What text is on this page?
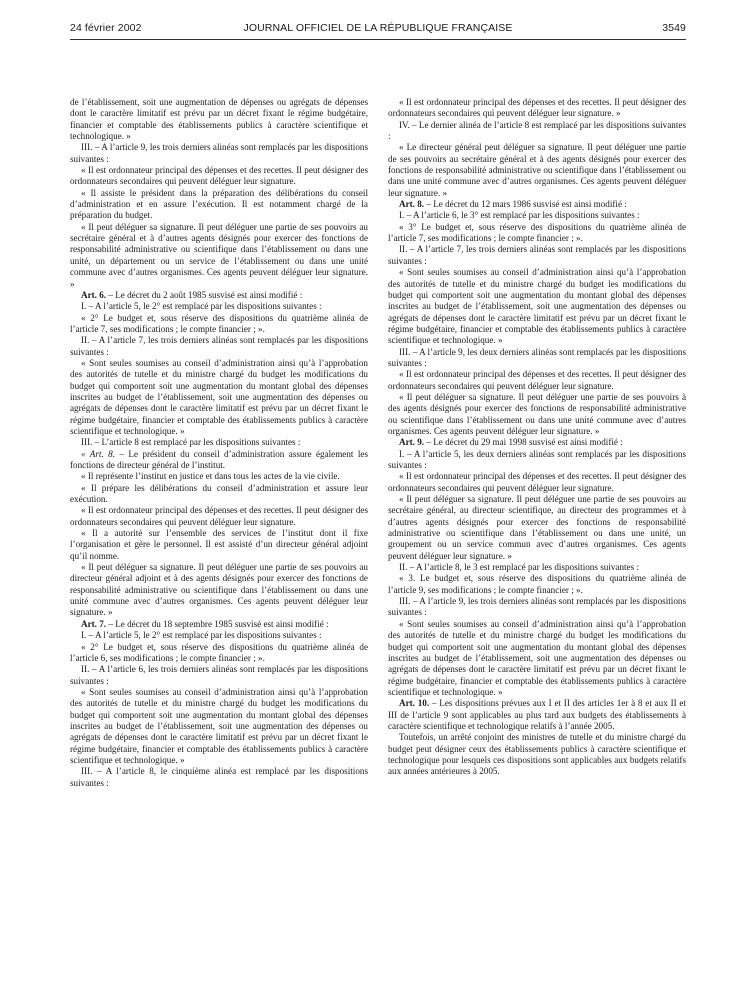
24 février 2002	JOURNAL OFFICIEL DE LA RÉPUBLIQUE FRANÇAISE	3549

de l’établissement, soit une augmentation de dépenses ou agrégats de dépenses dont le caractère limitatif est prévu par un décret fixant le régime budgétaire, financier et comptable des établissements publics à caractère scientifique et technologique. »

III. – A l’article 9, les trois derniers alinéas sont remplacés par les dispositions suivantes :

« Il est ordonnateur principal des dépenses et des recettes. Il peut désigner des ordonnateurs secondaires qui peuvent déléguer leur signature.

« Il assiste le président dans la préparation des délibérations du conseil d’administration et en assure l’exécution. Il est notamment chargé de la préparation du budget.

« Il peut déléguer sa signature. Il peut déléguer une partie de ses pouvoirs au secrétaire général et à d’autres agents désignés pour exercer des fonctions de responsabilité administrative ou scientifique dans l’établissement ou dans une unité, un département ou un service de l’établissement ou dans une unité commune avec d’autres organismes. Ces agents peuvent déléguer leur signature. »

Art. 6. – Le décret du 2 août 1985 susvisé est ainsi modifié :

I. – A l’article 5, le 2° est remplacé par les dispositions suivantes :

« 2° Le budget et, sous réserve des dispositions du quatrième alinéa de l’article 7, ses modifications ; le compte financier ; ».

II. – A l’article 7, les trois derniers alinéas sont remplacés par les dispositions suivantes :

« Sont seules soumises au conseil d’administration ainsi qu’à l’approbation des autorités de tutelle et du ministre chargé du budget les modifications du budget qui comportent soit une augmentation du montant global des dépenses inscrites au budget de l’établissement, soit une augmentation des dépenses ou agrégats de dépenses dont le caractère limitatif est prévu par un décret fixant le régime budgétaire, financier et comptable des établissements publics à caractère scientifique et technologique. »

III. – L’article 8 est remplacé par les dispositions suivantes :

« Art. 8. – Le président du conseil d’administration assure également les fonctions de directeur général de l’institut.

« Il représente l’institut en justice et dans tous les actes de la vie civile.

« Il prépare les délibérations du conseil d’administration et assure leur exécution.

« Il est ordonnateur principal des dépenses et des recettes. Il peut désigner des ordonnateurs secondaires qui peuvent déléguer leur signature.

« Il a autorité sur l’ensemble des services de l’institut dont il fixe l’organisation et gère le personnel. Il est assisté d’un directeur général adjoint qu’il nomme.

« Il peut déléguer sa signature. Il peut déléguer une partie de ses pouvoirs au directeur général adjoint et à des agents désignés pour exercer des fonctions de responsabilité administrative ou scientifique dans l’établissement ou dans une unité commune avec d’autres organismes. Ces agents peuvent déléguer leur signature. »

Art. 7. – Le décret du 18 septembre 1985 susvisé est ainsi modifié :

I. – A l’article 5, le 2° est remplacé par les dispositions suivantes :

« 2° Le budget et, sous réserve des dispositions du quatrième alinéa de l’article 6, ses modifications ; le compte financier ; ».

II. – A l’article 6, les trois derniers alinéas sont remplacés par les dispositions suivantes :

« Sont seules soumises au conseil d’administration ainsi qu’à l’approbation des autorités de tutelle et du ministre chargé du budget les modifications du budget qui comportent soit une augmentation du montant global des dépenses inscrites au budget de l’établissement, soit une augmentation des dépenses ou agrégats de dépenses dont le caractère limitatif est prévu par un décret fixant le régime budgétaire, financier et comptable des établissements publics à caractère scientifique et technologique. »

III. – A l’article 8, le cinquième alinéa est remplacé par les dispositions suivantes :

« Il est ordonnateur principal des dépenses et des recettes. Il peut désigner des ordonnateurs secondaires qui peuvent déléguer leur signature. »

IV. – Le dernier alinéa de l’article 8 est remplacé par les dispositions suivantes :

« Le directeur général peut déléguer sa signature. Il peut déléguer une partie de ses pouvoirs au secrétaire général et à des agents désignés pour exercer des fonctions de responsabilité administrative ou scientifique dans l’établissement ou dans une unité commune avec d’autres organismes. Ces agents peuvent déléguer leur signature. »

Art. 8. – Le décret du 12 mars 1986 susvisé est ainsi modifié :

I. – A l’article 6, le 3° est remplacé par les dispositions suivantes :

« 3° Le budget et, sous réserve des dispositions du quatrième alinéa de l’article 7, ses modifications ; le compte financier ; ».

II. – A l’article 7, les trois derniers alinéas sont remplacés par les dispositions suivantes :

« Sont seules soumises au conseil d’administration ainsi qu’à l’approbation des autorités de tutelle et du ministre chargé du budget les modifications du budget qui comportent soit une augmentation du montant global des dépenses inscrites au budget de l’établissement, soit une augmentation des dépenses ou agrégats de dépenses dont le caractère limitatif est prévu par un décret fixant le régime budgétaire, financier et comptable des établissements publics à caractère scientifique et technologique. »

III. – A l’article 9, les deux derniers alinéas sont remplacés par les dispositions suivantes :

« Il est ordonnateur principal des dépenses et des recettes. Il peut désigner des ordonnateurs secondaires qui peuvent déléguer leur signature.

« Il peut déléguer sa signature. Il peut déléguer une partie de ses pouvoirs à des agents désignés pour exercer des fonctions de responsabilité administrative ou scientifique dans l’établissement ou dans une unité commune avec d’autres organismes. Ces agents peuvent déléguer leur signature. »

Art. 9. – Le décret du 29 mai 1998 susvisé est ainsi modifié :

I. – A l’article 5, les deux derniers alinéas sont remplacés par les dispositions suivantes :

« Il est ordonnateur principal des dépenses et des recettes. Il peut désigner des ordonnateurs secondaires qui peuvent déléguer leur signature.

« Il peut déléguer sa signature. Il peut déléguer une partie de ses pouvoirs au secrétaire général, au directeur scientifique, au directeur des programmes et à d’autres agents désignés pour exercer des fonctions de responsabilité administrative ou scientifique dans l’établissement ou dans une unité, un groupement ou un service commun avec d’autres organismes. Ces agents peuvent déléguer leur signature. »

II. – A l’article 8, le 3 est remplacé par les dispositions suivantes :

« 3. Le budget et, sous réserve des dispositions du quatrième alinéa de l’article 9, ses modifications ; le compte financier ; ».

III. – A l’article 9, les trois derniers alinéas sont remplacés par les dispositions suivantes :

« Sont seules soumises au conseil d’administration ainsi qu’à l’approbation des autorités de tutelle et du ministre chargé du budget les modifications du budget qui comportent soit une augmentation du montant global des dépenses inscrites au budget de l’établissement, soit une augmentation des dépenses ou agrégats de dépenses dont le caractère limitatif est prévu par un décret fixant le régime budgétaire, financier et comptable des établissements publics à caractère scientifique et technologique. »

Art. 10. – Les dispositions prévues aux I et II des articles 1er à 8 et aux II et III de l’article 9 sont applicables au plus tard aux budgets des établissements à caractère scientifique et technologique relatifs à l’année 2005.

Toutefois, un arrêté conjoint des ministres de tutelle et du ministre chargé du budget peut désigner ceux des établissements publics à caractère scientifique et technologique pour lesquels ces dispositions sont applicables aux budgets relatifs aux années antérieures à 2005.
